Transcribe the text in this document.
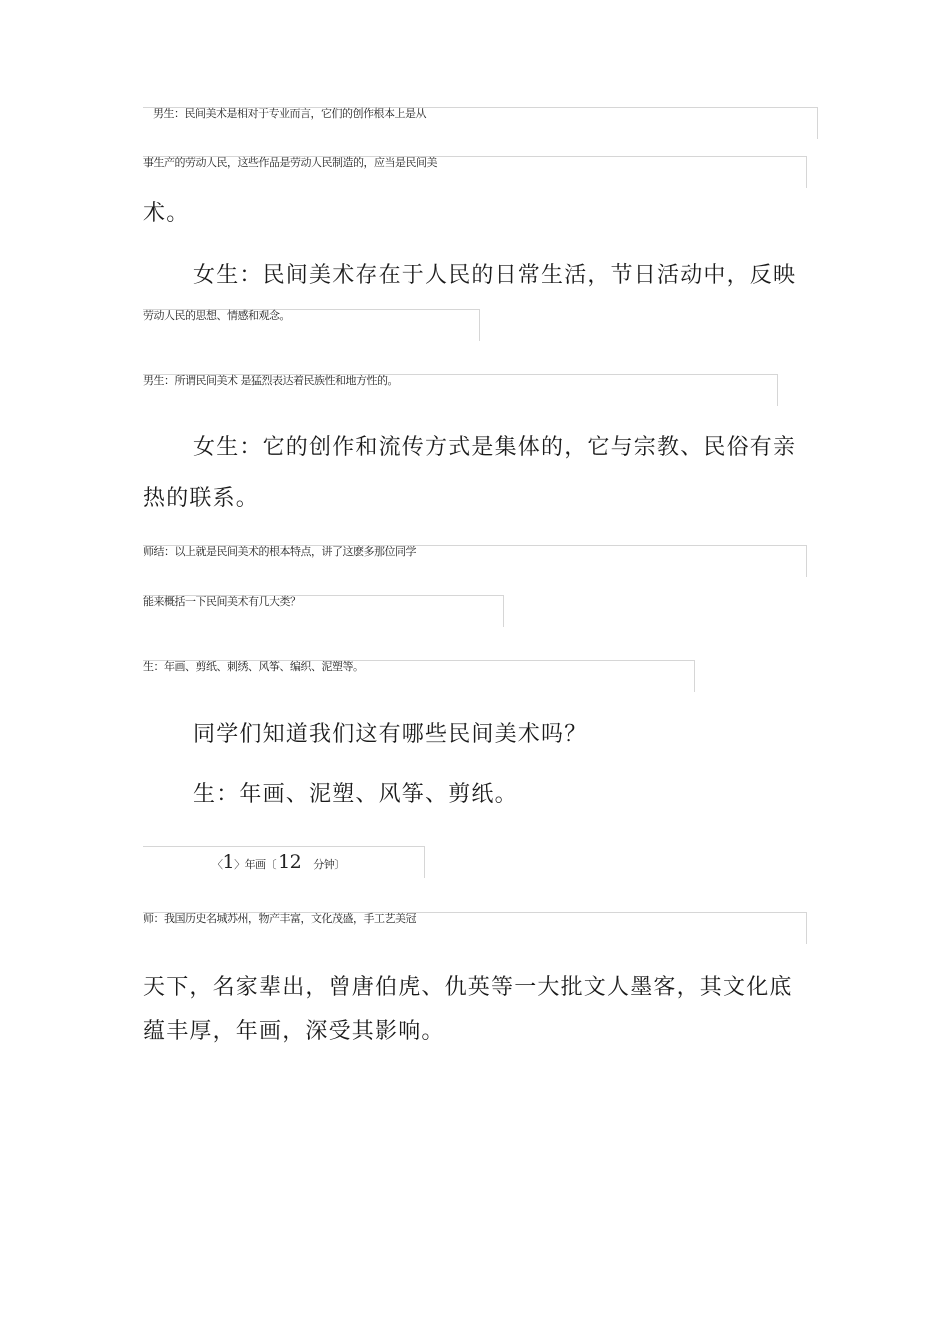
男生：民间美术是相对于专业而言，它们的创作根本上是从
事生产的劳动人民，这些作品是劳动人民制造的，应当是民间美
术。
女生：民间美术存在于人民的日常生活，节日活动中，反映
劳动人民的思想、情感和观念。
男生：所谓民间美术 是猛烈表达着民族性和地方性的。
女生：它的创作和流传方式是集体的，它与宗教、民俗有亲
热的联系。
师结：以上就是民间美术的根本特点，讲了这麽多那位同学
能来概括一下民间美术有几大类？
生：年画、剪纸、刺绣、风筝、编织、泥塑等。
同学们知道我们这有哪些民间美术吗？
生：年画、泥塑、风筝、剪纸。
〈1〉年画〔 12 分钟〕
师：我国历史名城苏州，物产丰富，文化茂盛，手工艺美冠
天下，名家辈出，曾唐伯虎、仇英等一大批文人墨客，其文化底
蕴丰厚，年画，深受其影响。
